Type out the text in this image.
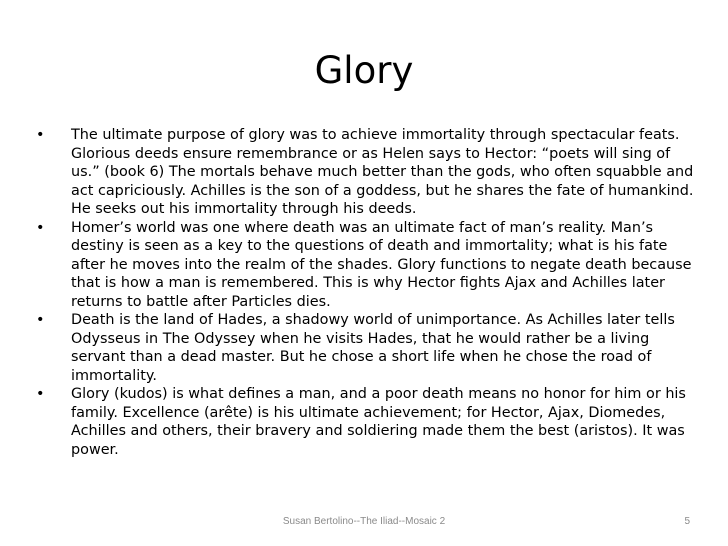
Glory
• The ultimate purpose of glory was to achieve immortality through spectacular feats. Glorious deeds ensure remembrance or as Helen says to Hector: “poets will sing of us.” (book 6) The mortals behave much better than the gods, who often squabble and act capriciously. Achilles is the son of a goddess, but he shares the fate of humankind. He seeks out his immortality through his deeds.
• Homer’s world was one where death was an ultimate fact of man’s reality. Man’s destiny is seen as a key to the questions of death and immortality; what is his fate after he moves into the realm of the shades. Glory functions to negate death because that is how a man is remembered. This is why Hector fights Ajax and Achilles later returns to battle after Particles dies.
• Death is the land of Hades, a shadowy world of unimportance. As Achilles later tells Odysseus in The Odyssey when he visits Hades, that he would rather be a living servant than a dead master. But he chose a short life when he chose the road of immortality.
• Glory (kudos) is what defines a man, and a poor death means no honor for him or his family. Excellence (arête) is his ultimate achievement; for Hector, Ajax, Diomedes, Achilles and others, their bravery and soldiering made them the best (aristos). It was power.
Susan Bertolino--The Iliad--Mosaic 2	5
